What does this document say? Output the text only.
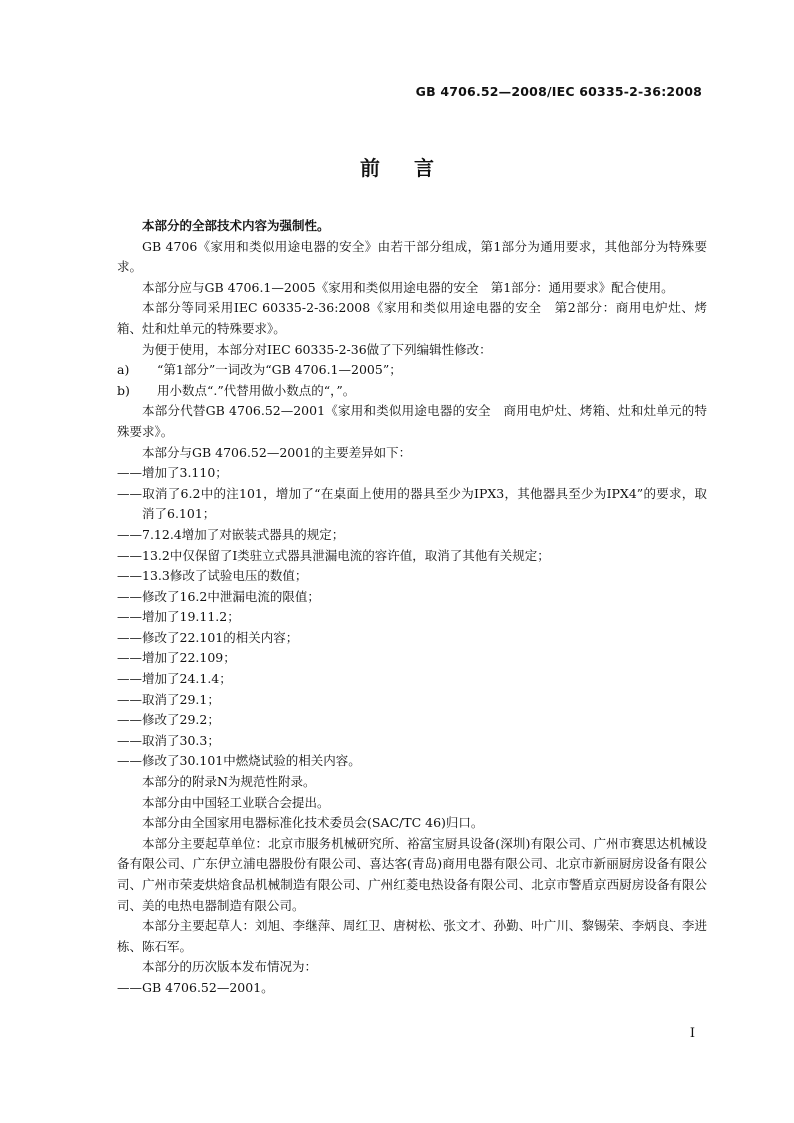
GB 4706.52—2008/IEC 60335-2-36:2008
前言

本部分的全部技术内容为强制性。

GB 4706《家用和类似用途电器的安全》由若干部分组成，第1部分为通用要求，其他部分为特殊要求。

本部分应与GB 4706.1—2005《家用和类似用途电器的安全　第1部分：通用要求》配合使用。

本部分等同采用IEC 60335-2-36:2008《家用和类似用途电器的安全　第2部分：商用电炉灶、烤箱、灶和灶单元的特殊要求》。

为便于使用，本部分对IEC 60335-2-36做了下列编辑性修改：

a)	“第1部分”一词改为“GB 4706.1—2005”；
b)	用小数点“.”代替用做小数点的“，”。

本部分代替GB 4706.52—2001《家用和类似用途电器的安全　商用电炉灶、烤箱、灶和灶单元的特殊要求》。

本部分与GB 4706.52—2001的主要差异如下：

——增加了3.110；

——取消了6.2中的注101，增加了“在桌面上使用的器具至少为IPX3，其他器具至少为IPX4”的要求，取消了6.101；

——7.12.4增加了对嵌装式器具的规定；

——13.2中仅保留了Ⅰ类驻立式器具泄漏电流的容许值，取消了其他有关规定；

——13.3修改了试验电压的数值；

——修改了16.2中泄漏电流的限值；

——增加了19.11.2；

——修改了22.101的相关内容；

——增加了22.109；

——增加了24.1.4；

——取消了29.1；

——修改了29.2；

——取消了30.3；

——修改了30.101中燃烧试验的相关内容。

本部分的附录N为规范性附录。

本部分由中国轻工业联合会提出。

本部分由全国家用电器标准化技术委员会(SAC/TC 46)归口。

本部分主要起草单位：北京市服务机械研究所、裕富宝厨具设备(深圳)有限公司、广州市赛思达机械设备有限公司、广东伊立浦电器股份有限公司、喜达客(青岛)商用电器有限公司、北京市新丽厨房设备有限公司、广州市荣麦烘焙食品机械制造有限公司、广州红菱电热设备有限公司、北京市警盾京西厨房设备有限公司、美的电热电器制造有限公司。

本部分主要起草人：刘旭、李继萍、周红卫、唐树松、张文才、孙勤、叶广川、黎锡荣、李炳良、李进栋、陈石军。

本部分的历次版本发布情况为：

——GB 4706.52—2001。

Ⅰ
